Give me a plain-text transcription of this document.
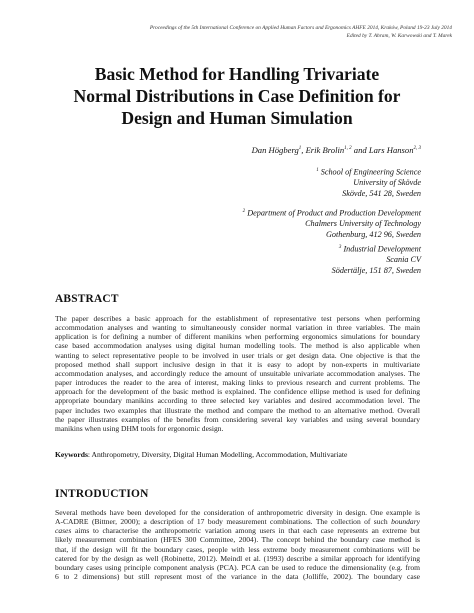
Proceedings of the 5th International Conference on Applied Human Factors and Ergonomics AHFE 2014, Kraków, Poland 19-23 July 2014
Edited by T. Ahram, W. Karwowski and T. Marek
Basic Method for Handling Trivariate
Normal Distributions in Case Definition for
Design and Human Simulation
Dan Högberg$^1$, Erik Brolin$^{1, 2}$ and Lars Hanson$^{2, 3}$
$^1$ School of Engineering Science
University of Skövde
Skövde, 541 28, Sweden
$^2$ Department of Product and Production Development
Chalmers University of Technology
Gothenburg, 412 96, Sweden
$^3$ Industrial Development
Scania CV
Södertälje, 151 87, Sweden
ABSTRACT
The paper describes a basic approach for the establishment of representative test persons when performing
accommodation analyses and wanting to simultaneously consider normal variation in three variables. The main
application is for defining a number of different manikins when performing ergonomics simulations for boundary
case based accommodation analyses using digital human modelling tools. The method is also applicable when
wanting to select representative people to be involved in user trials or get design data. One objective is that the
proposed method shall support inclusive design in that it is easy to adopt by non-experts in multivariate
accommodation analyses, and accordingly reduce the amount of unsuitable univariate accommodation analyses. The
paper introduces the reader to the area of interest, making links to previous research and current problems. The
approach for the development of the basic method is explained. The confidence ellipse method is used for defining
appropriate boundary manikins according to three selected key variables and desired accommodation level. The
paper includes two examples that illustrate the method and compare the method to an alternative method. Overall
the paper illustrates examples of the benefits from considering several key variables and using several boundary
manikins when using DHM tools for ergonomic design.
Keywords: Anthropometry, Diversity, Digital Human Modelling, Accommodation, Multivariate
INTRODUCTION
Several methods have been developed for the consideration of anthropometric diversity in design. One example is
A-CADRE (Bittner, 2000); a description of 17 body measurement combinations. The collection of such boundary
cases aims to characterise the anthropometric variation among users in that each case represents an extreme but
likely measurement combination (HFES 300 Committee, 2004). The concept behind the boundary case method is
that, if the design will fit the boundary cases, people with less extreme body measurement combinations will be
catered for by the design as well (Robinette, 2012). Meindl et al. (1993) describe a similar approach for identifying
boundary cases using principle component analysis (PCA). PCA can be used to reduce the dimensionality (e.g. from
6 to 2 dimensions) but still represent most of the variance in the data (Jolliffe, 2002). The boundary case
